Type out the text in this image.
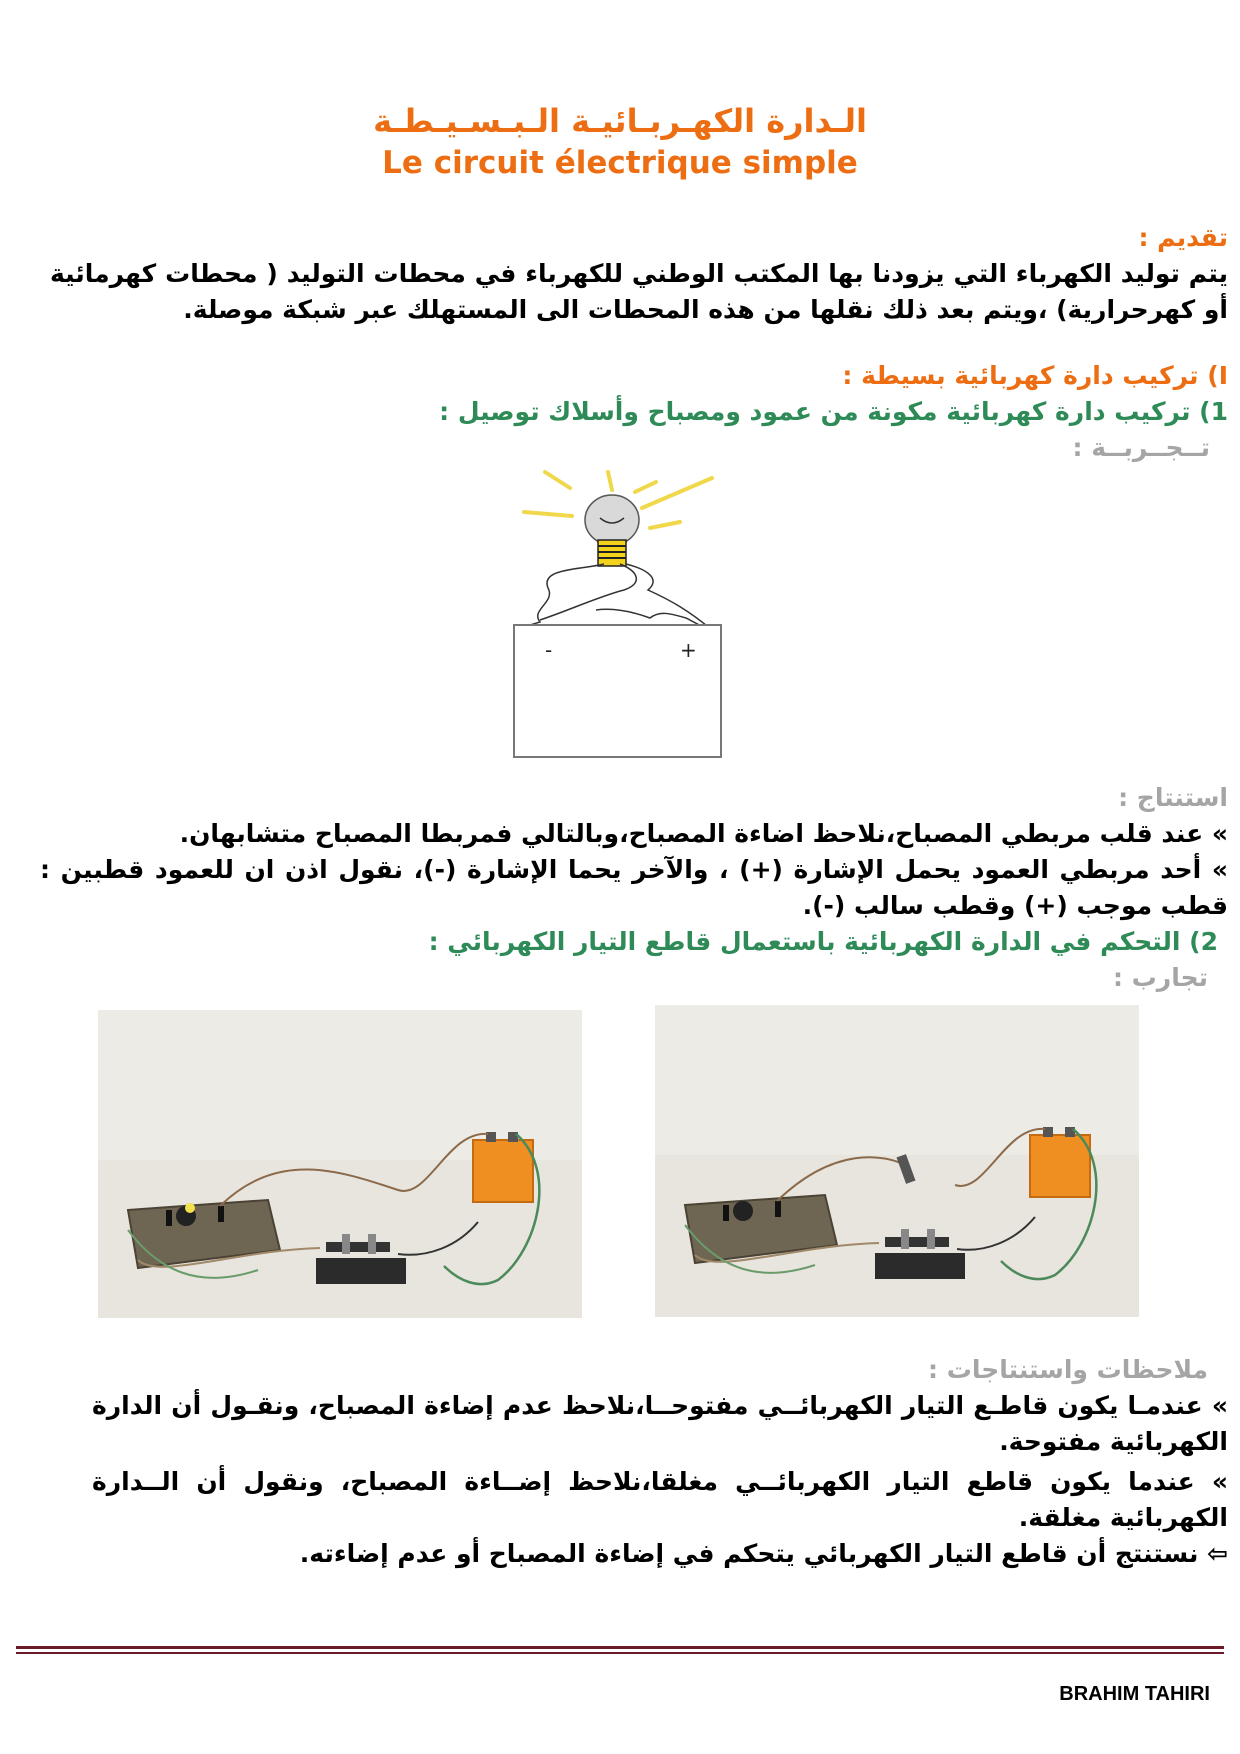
الـدارة الكهـربـائيـة الـبـسـيـطـة
Le circuit électrique simple
تقديم :
يتم توليد الكهرباء التي يزودنا بها المكتب الوطني للكهرباء في محطات التوليد ( محطات كهرمائية أو كهرحرارية) ،ويتم بعد ذلك نقلها من هذه المحطات الى المستهلك عبر شبكة موصلة.
I) تركيب دارة كهربائية بسيطة :
1) تركيب دارة كهربائية مكونة من عمود ومصباح وأسلاك توصيل :
تــجــربــة :
-	+
استنتاج :
» عند قلب مربطي المصباح،نلاحظ اضاءة المصباح،وبالتالي فمربطا المصباح متشابهان.
» أحد مربطي العمود يحمل الإشارة (+) ، والآخر يحما الإشارة (-)، نقول اذن ان للعمود قطبين : قطب موجب (+) وقطب سالب (-).
2) التحكم في الدارة الكهربائية باستعمال قاطع التيار الكهربائي :
تجارب :
ملاحظات واستنتاجات :
» عندمـا يكون قاطـع التيار الكهربائــي مفتوحــا،نلاحظ عدم إضاءة المصباح، ونقـول أن الدارة الكهربائية مفتوحة.
» عندما يكون قاطع التيار الكهربائــي مغلقا،نلاحظ إضــاءة المصباح، ونقول أن الــدارة الكهربائية مغلقة.
⇦ نستنتج أن قاطع التيار الكهربائي يتحكم في إضاءة المصباح أو عدم إضاءته.
BRAHIM TAHIRI
